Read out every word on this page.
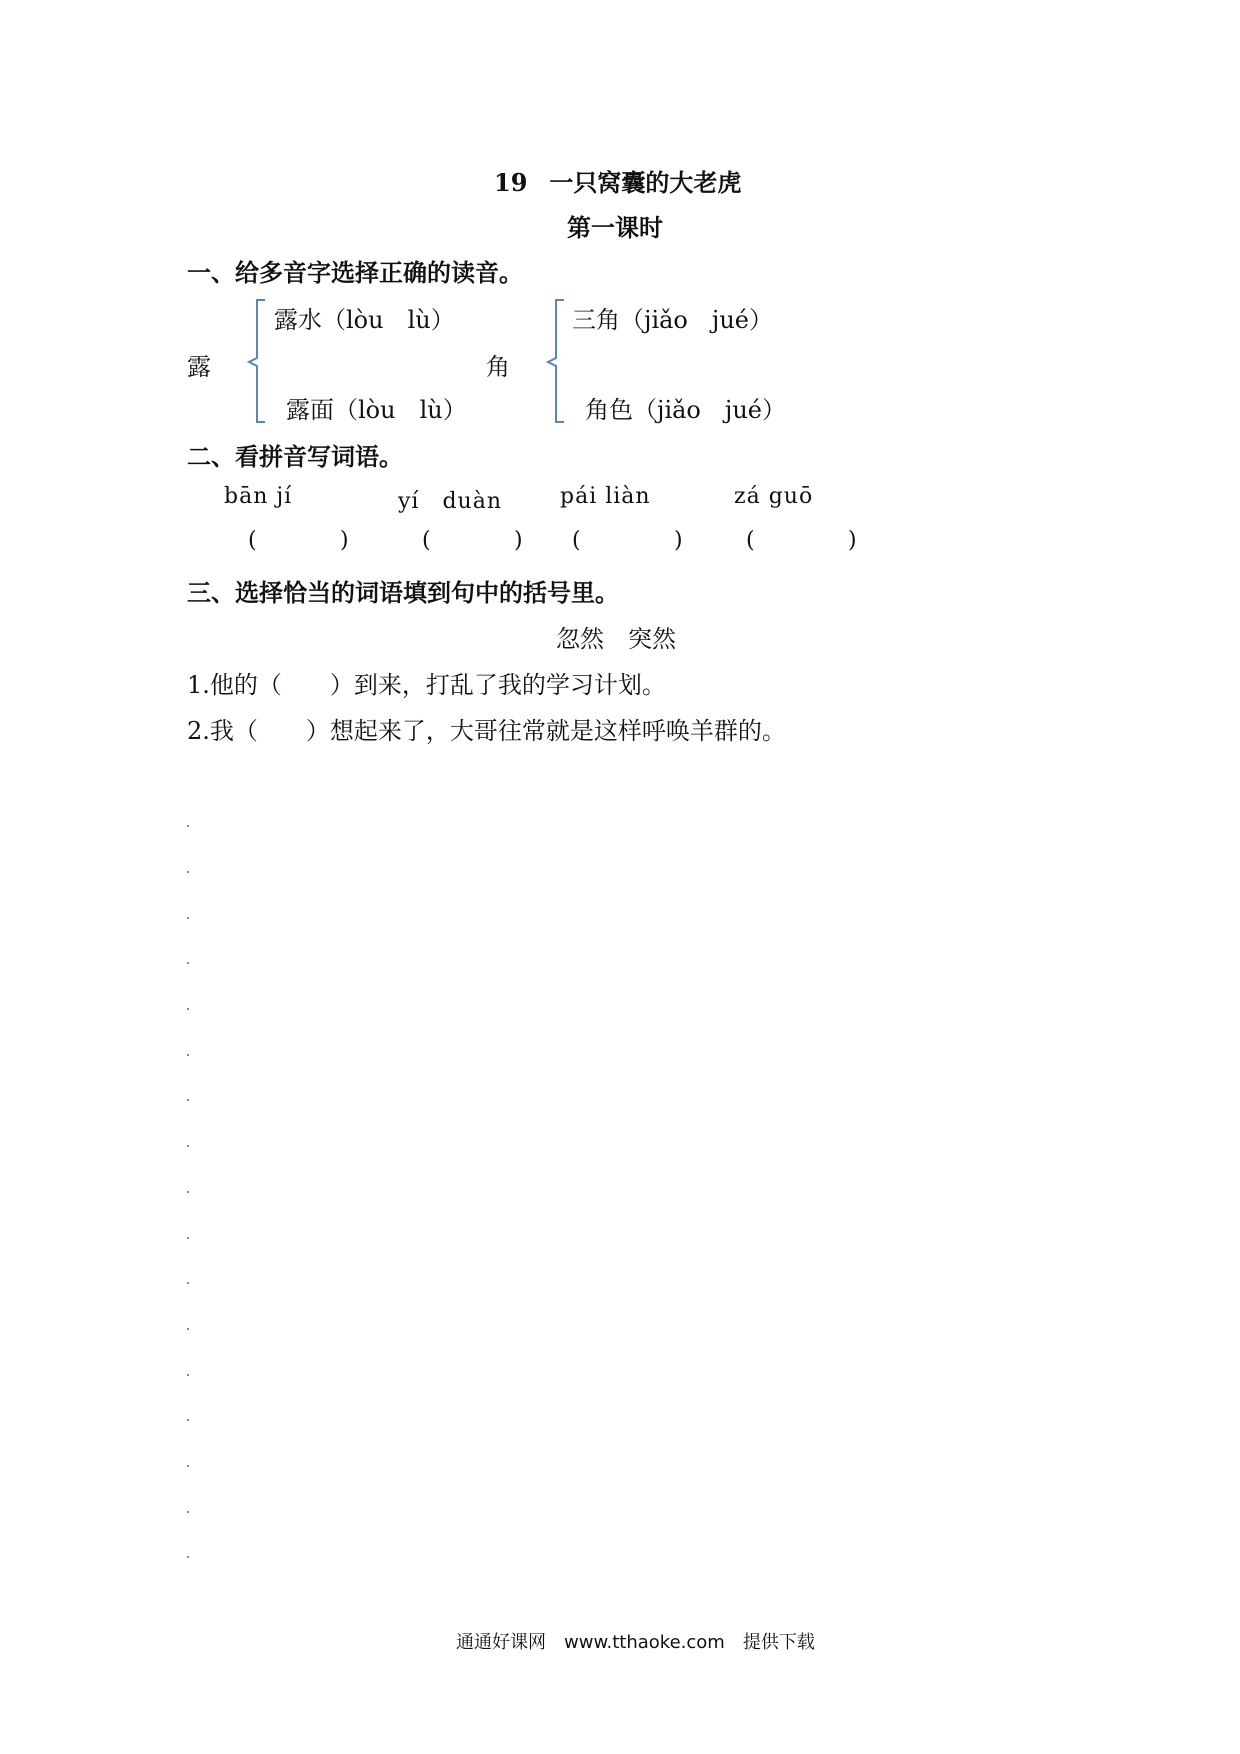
19 一只窝囊的大老虎
第一课时
一、给多音字选择正确的读音。
露
露水（lòu　lù）
露面（lòu　lù）
角
三角（jiǎo　jué）
角色（jiǎo　jué）
二、看拼音写词语。
bān jí	yí　duàn	pái liàn	zá guō
(	)	(	) (	)	(	)
三、选择恰当的词语填到句中的括号里。
忽然　突然
1.他的（　　）到来，打乱了我的学习计划。
2.我（　　）想起来了，大哥往常就是这样呼唤羊群的。
通通好课网　www.tthaoke.com　提供下载
